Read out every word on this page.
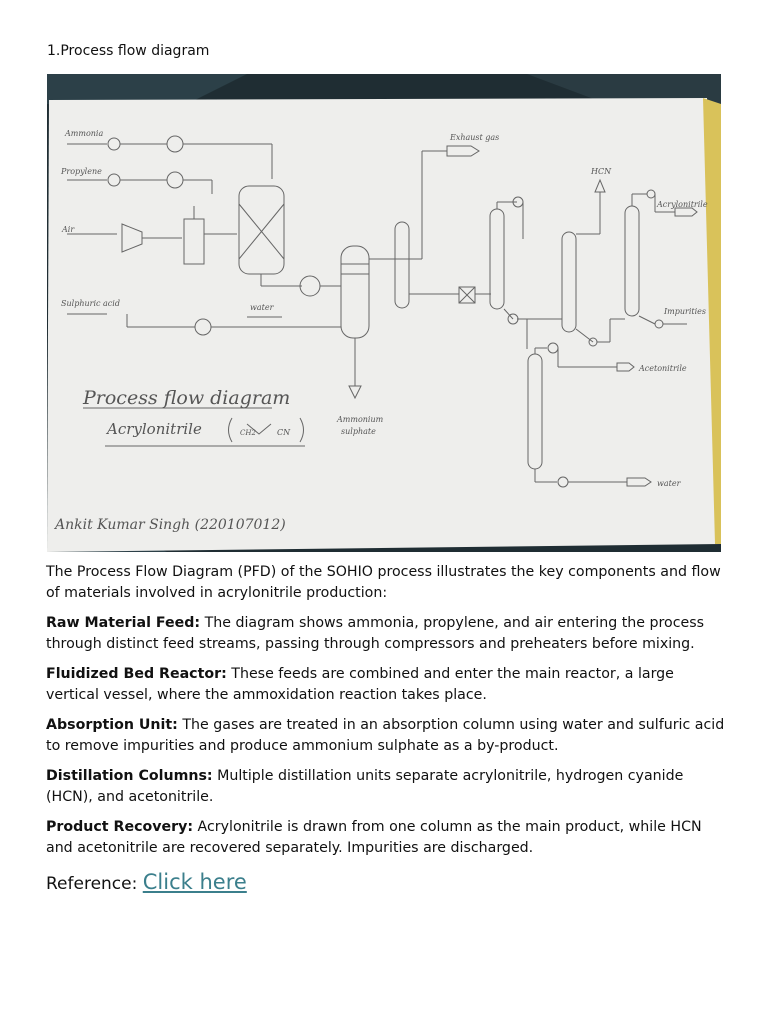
1.Process flow diagram
Ammonia
Propylene
Air
Sulphuric acid	water
Exhaust gas
HCN
Acrylonitrile
Impurities
Acetonitrile
water
Ammonium
sulphate
Process flow diagram
Acrylonitrile	CH2	CN
Ankit Kumar Singh (220107012)
The Process Flow Diagram (PFD) of the SOHIO process illustrates the key components and flow of materials involved in acrylonitrile production:
Raw Material Feed: The diagram shows ammonia, propylene, and air entering the process through distinct feed streams, passing through compressors and preheaters before mixing.
Fluidized Bed Reactor: These feeds are combined and enter the main reactor, a large vertical vessel, where the ammoxidation reaction takes place.
Absorption Unit: The gases are treated in an absorption column using water and sulfuric acid to remove impurities and produce ammonium sulphate as a by-product.
Distillation Columns: Multiple distillation units separate acrylonitrile, hydrogen cyanide (HCN), and acetonitrile.
Product Recovery: Acrylonitrile is drawn from one column as the main product, while HCN and acetonitrile are recovered separately. Impurities are discharged.
Reference: Click here
